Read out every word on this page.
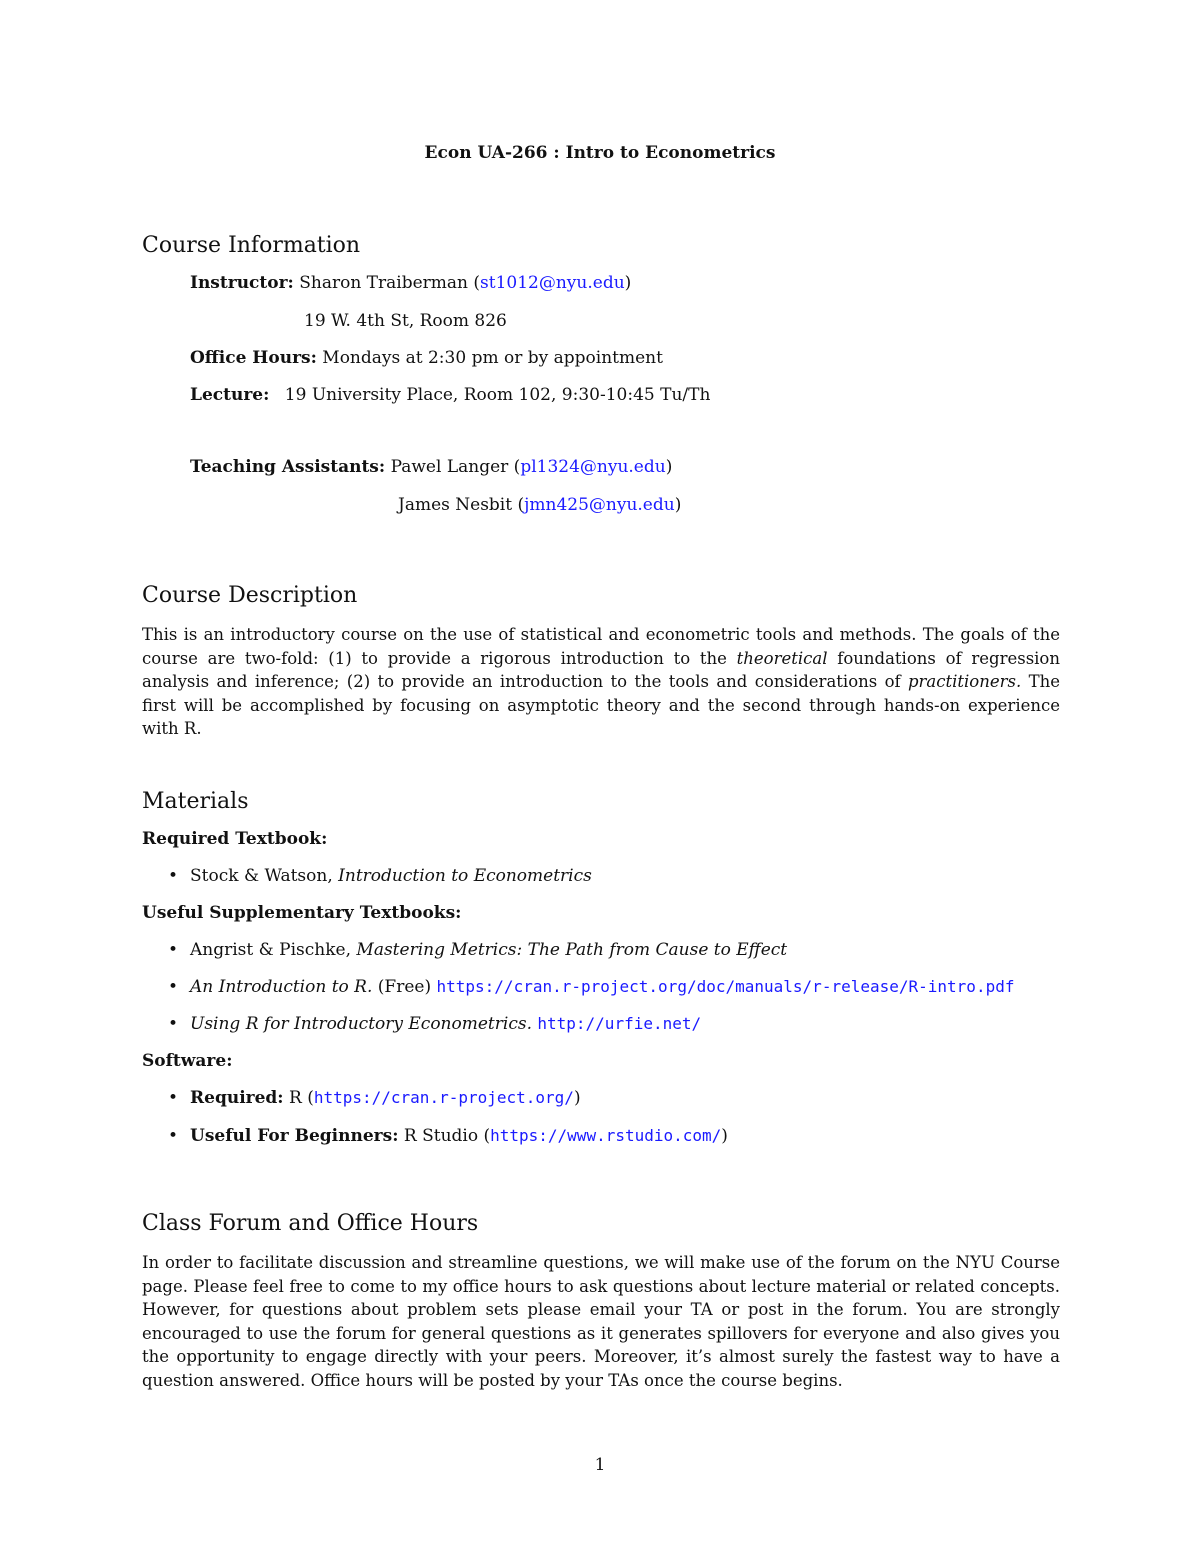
Econ UA-266 : Intro to Econometrics
Course Information
Instructor: Sharon Traiberman (st1012@nyu.edu)
19 W. 4th St, Room 826
Office Hours: Mondays at 2:30 pm or by appointment
Lecture: 19 University Place, Room 102, 9:30-10:45 Tu/Th
Teaching Assistants: Pawel Langer (pl1324@nyu.edu)
James Nesbit (jmn425@nyu.edu)
Course Description
This is an introductory course on the use of statistical and econometric tools and methods. The goals of the course are two-fold: (1) to provide a rigorous introduction to the theoretical foundations of regression analysis and inference; (2) to provide an introduction to the tools and considerations of practitioners. The first will be accomplished by focusing on asymptotic theory and the second through hands-on experience with R.
Materials
Required Textbook:
• Stock & Watson, Introduction to Econometrics
Useful Supplementary Textbooks:
• Angrist & Pischke, Mastering Metrics: The Path from Cause to Effect
• An Introduction to R. (Free) https://cran.r-project.org/doc/manuals/r-release/R-intro.pdf
• Using R for Introductory Econometrics. http://urfie.net/
Software:
• Required: R (https://cran.r-project.org/)
• Useful For Beginners: R Studio (https://www.rstudio.com/)
Class Forum and Office Hours
In order to facilitate discussion and streamline questions, we will make use of the forum on the NYU Course page. Please feel free to come to my office hours to ask questions about lecture material or related concepts. However, for questions about problem sets please email your TA or post in the forum. You are strongly encouraged to use the forum for general questions as it generates spillovers for everyone and also gives you the opportunity to engage directly with your peers. Moreover, it’s almost surely the fastest way to have a question answered. Office hours will be posted by your TAs once the course begins.
1
